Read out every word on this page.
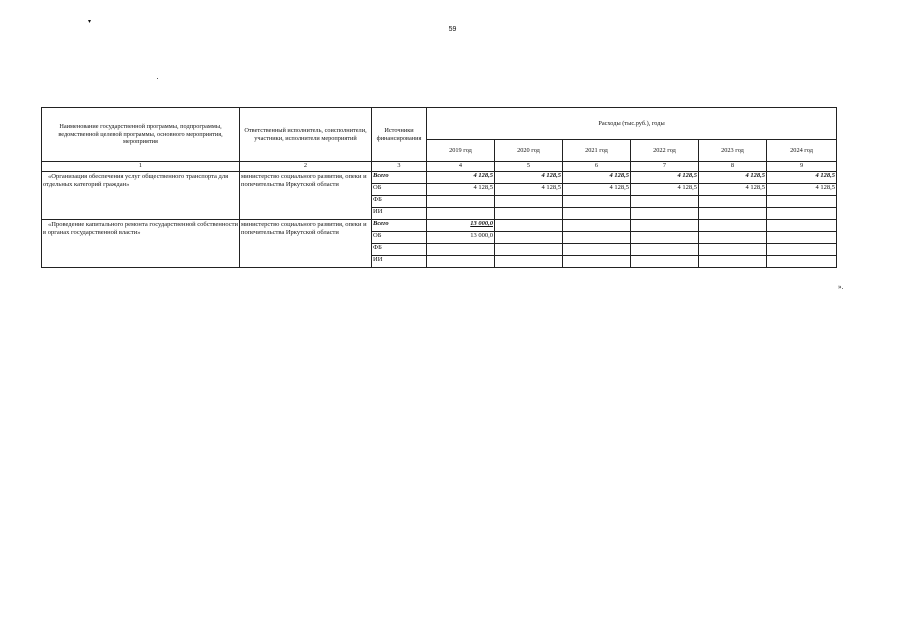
▾
59
Наименование государственной программы, подпрограммы, ведомственной целевой программы, основного мероприятия, мероприятия	Ответственный исполнитель, соисполнители, участники, исполнители мероприятий	Источники финансирования	Расходы (тыс.руб.), годы					
			2019 год	2020 год	2021 год	2022 год	2023 год	2024 год
1	2	3	4	5	6	7	8	9
«Организация обеспечения услуг общественного транспорта для отдельных категорий граждан»	министерство социального развития, опеки и попечительства Иркутской области	Всего	4 128,5	4 128,5	4 128,5	4 128,5	4 128,5	4 128,5
		ОБ	4 128,5	4 128,5	4 128,5	4 128,5	4 128,5	4 128,5
		ФБ						
		ИИ						
«Проведение капитального ремонта государственной собственности в органах государственной власти»	министерство социального развития, опеки и попечительства Иркутской области	Всего	13 000,0					
		ОБ	13 000,0					
		ФБ						
		ИИ						
».
